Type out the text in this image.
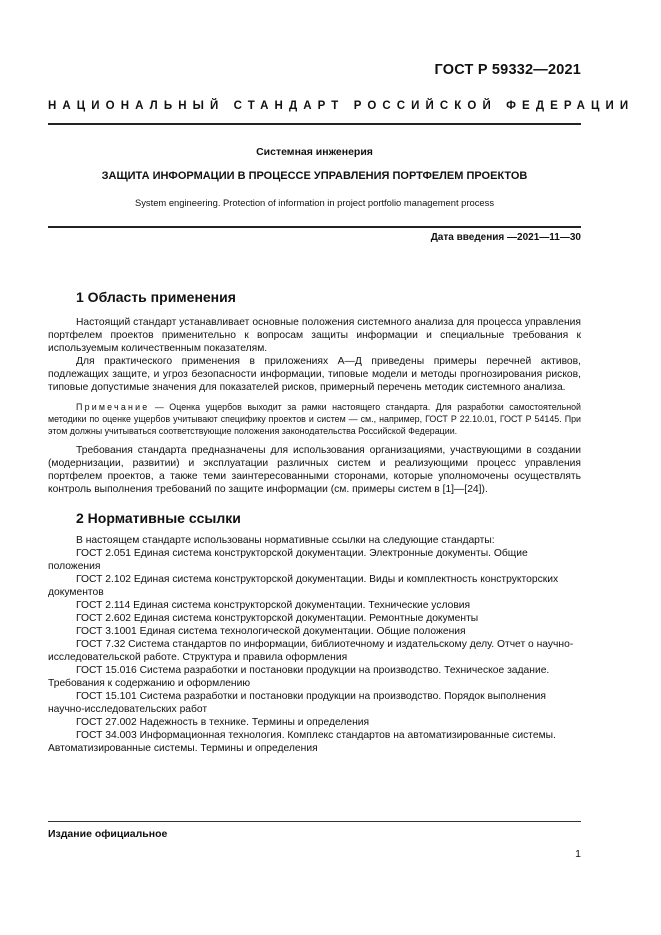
ГОСТ Р 59332—2021
НАЦИОНАЛЬНЫЙ СТАНДАРТ РОССИЙСКОЙ ФЕДЕРАЦИИ
Системная инженерия
ЗАЩИТА ИНФОРМАЦИИ В ПРОЦЕССЕ УПРАВЛЕНИЯ ПОРТФЕЛЕМ ПРОЕКТОВ
System engineering. Protection of information in project portfolio management process
Дата введения —2021—11—30
1 Область применения

Настоящий стандарт устанавливает основные положения системного анализа для процесса управления портфелем проектов применительно к вопросам защиты информации и специальные требования к используемым количественным показателям.

Для практического применения в приложениях А—Д приведены примеры перечней активов, подлежащих защите, и угроз безопасности информации, типовые модели и методы прогнозирования рисков, типовые допустимые значения для показателей рисков, примерный перечень методик системного анализа.

Примечание — Оценка ущербов выходит за рамки настоящего стандарта. Для разработки самостоятельной методики по оценке ущербов учитывают специфику проектов и систем — см., например, ГОСТ Р 22.10.01, ГОСТ Р 54145. При этом должны учитываться соответствующие положения законодательства Российской Федерации.

Требования стандарта предназначены для использования организациями, участвующими в создании (модернизации, развитии) и эксплуатации различных систем и реализующими процесс управления портфелем проектов, а также теми заинтересованными сторонами, которые уполномочены осуществлять контроль выполнения требований по защите информации (см. примеры систем в [1]—[24]).

2 Нормативные ссылки

В настоящем стандарте использованы нормативные ссылки на следующие стандарты:

ГОСТ 2.051 Единая система конструкторской документации. Электронные документы. Общие положения

ГОСТ 2.102 Единая система конструкторской документации. Виды и комплектность конструкторских документов

ГОСТ 2.114 Единая система конструкторской документации. Технические условия

ГОСТ 2.602 Единая система конструкторской документации. Ремонтные документы

ГОСТ 3.1001 Единая система технологической документации. Общие положения

ГОСТ 7.32 Система стандартов по информации, библиотечному и издательскому делу. Отчет о научно-исследовательской работе. Структура и правила оформления

ГОСТ 15.016 Система разработки и постановки продукции на производство. Техническое задание. Требования к содержанию и оформлению

ГОСТ 15.101 Система разработки и постановки продукции на производство. Порядок выполнения научно-исследовательских работ

ГОСТ 27.002 Надежность в технике. Термины и определения

ГОСТ 34.003 Информационная технология. Комплекс стандартов на автоматизированные системы. Автоматизированные системы. Термины и определения

Издание официальное
1
